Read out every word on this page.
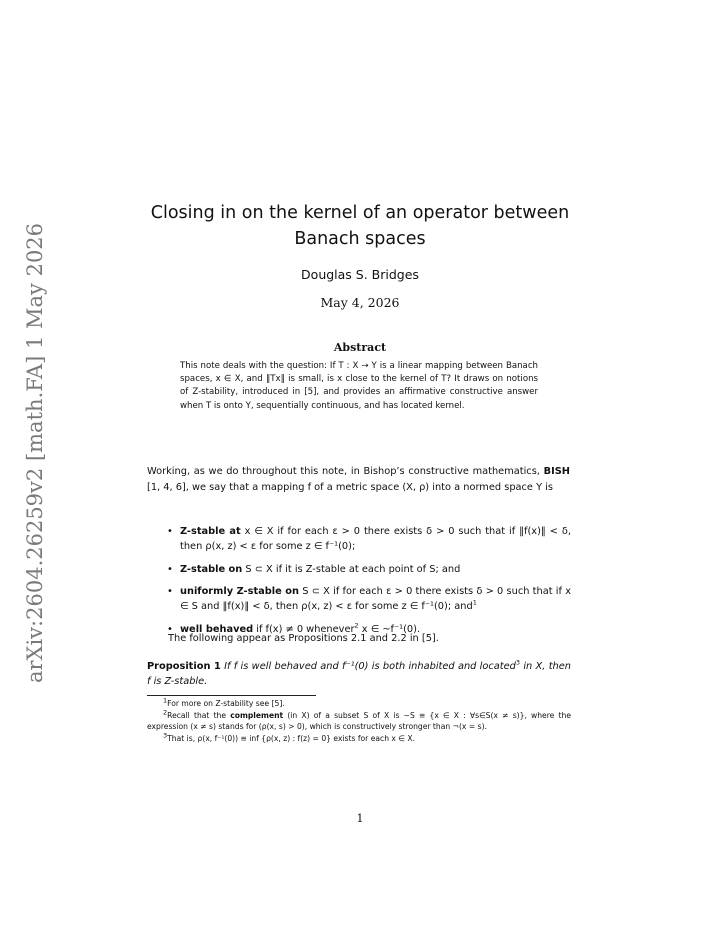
arXiv:2604.26259v2 [math.FA] 1 May 2026
Closing in on the kernel of an operator between
Banach spaces
Douglas S. Bridges
May 4, 2026
Abstract
This note deals with the question: If T : X → Y is a linear mapping between Banach spaces, x ∈ X, and ‖Tx‖ is small, is x close to the kernel of T? It draws on notions of Z-stability, introduced in [5], and provides an affirmative constructive answer when T is onto Y, sequentially continuous, and has located kernel.
Working, as we do throughout this note, in Bishop’s constructive mathematics, BISH [1, 4, 6], we say that a mapping f of a metric space (X, ρ) into a normed space Y is
• Z-stable at x ∈ X if for each ε > 0 there exists δ > 0 such that if ‖f(x)‖ < δ, then ρ(x, z) < ε for some z ∈ f⁻¹(0);
• Z-stable on S ⊂ X if it is Z-stable at each point of S; and
• uniformly Z-stable on S ⊂ X if for each ε > 0 there exists δ > 0 such that if x ∈ S and ‖f(x)‖ < δ, then ρ(x, z) < ε for some z ∈ f⁻¹(0); and$^1$
• well behaved if f(x) ≠ 0 whenever$^2$ x ∈ ~f⁻¹(0).
The following appear as Propositions 2.1 and 2.2 in [5].
Proposition 1 If f is well behaved and f⁻¹(0) is both inhabited and located$^3$ in X, then f is Z-stable.
$^1$For more on Z-stability see [5].
$^2$Recall that the complement (in X) of a subset S of X is ~S ≡ {x ∈ X : ∀s∈S(x ≠ s)}, where the expression (x ≠ s) stands for (ρ(x, s) > 0), which is constructively stronger than ¬(x = s).
$^3$That is, ρ(x, f⁻¹(0)) ≡ inf {ρ(x, z) : f(z) = 0} exists for each x ∈ X.
1
